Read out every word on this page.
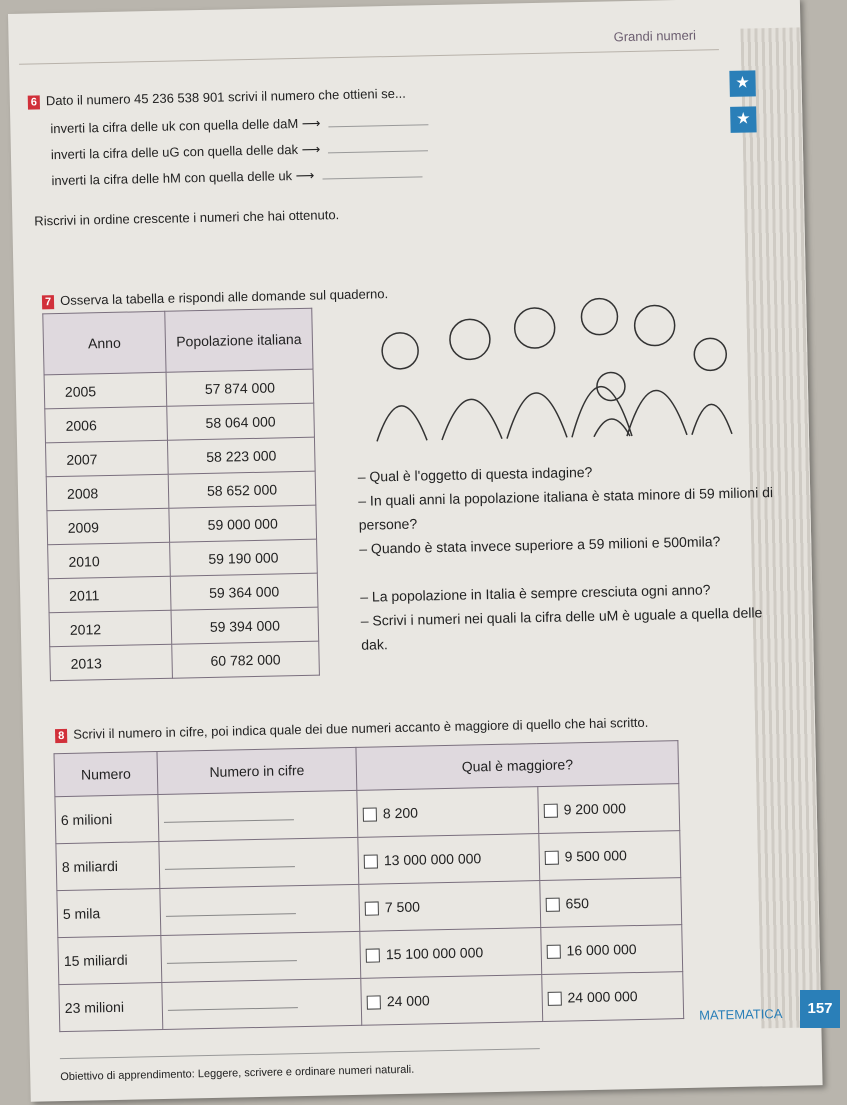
Grandi numeri
★
★
6 Dato il numero 45 236 538 901 scrivi il numero che ottieni se...
inverti la cifra delle uk con quella delle daM ⟶
inverti la cifra delle uG con quella delle dak ⟶
inverti la cifra delle hM con quella delle uk ⟶
Riscrivi in ordine crescente i numeri che hai ottenuto.
7 Osserva la tabella e rispondi alle domande sul quaderno.
Anno	Popolazione italiana
2005	57 874 000
2006	58 064 000
2007	58 223 000
2008	58 652 000
2009	59 000 000
2010	59 190 000
2011	59 364 000
2012	59 394 000
2013	60 782 000
– Qual è l'oggetto di questa indagine?
– In quali anni la popolazione italiana è stata minore di 59 milioni di persone?
– Quando è stata invece superiore a 59 milioni e 500mila?
– La popolazione in Italia è sempre cresciuta ogni anno?
– Scrivi i numeri nei quali la cifra delle uM è uguale a quella delle dak.
8 Scrivi il numero in cifre, poi indica quale dei due numeri accanto è maggiore di quello che hai scritto.
Numero	Numero in cifre	Qual è maggiore?	
6 milioni		8 200	9 200 000
8 miliardi		13 000 000 000	9 500 000
5 mila		7 500	650
15 miliardi		15 100 000 000	16 000 000
23 milioni		24 000	24 000 000
MATEMATICA
Obiettivo di apprendimento: Leggere, scrivere e ordinare numeri naturali.
157
